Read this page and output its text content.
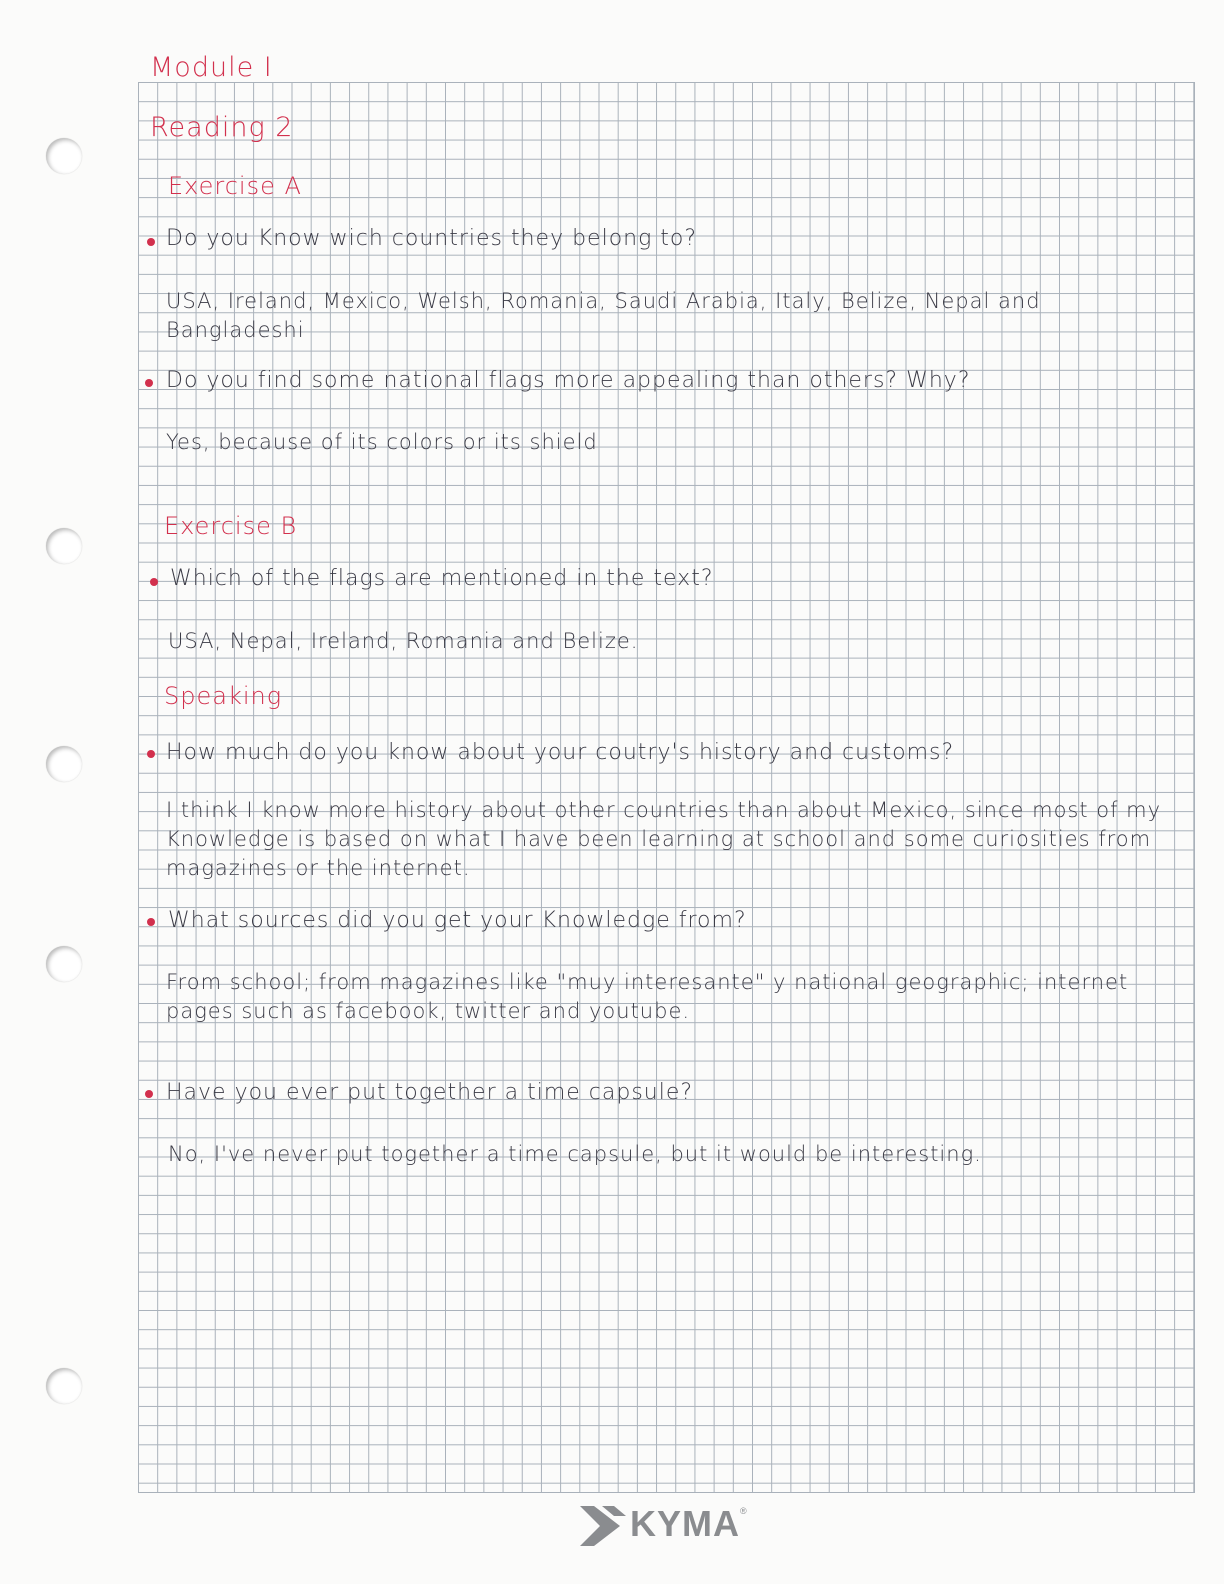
Module I

Reading 2

Exercise A

Do you Know wich countries they belong to?

USA, Ireland, Mexico, Welsh, Romania, Saudi Arabia, Italy, Belize, Nepal and Bangladeshi

Do you find some national flags more appealing than others? Why?

Yes, because of its colors or its shield

Exercise B

Which of the flags are mentioned in the text?

USA, Nepal, Ireland, Romania and Belize.

Speaking

How much do you know about your coutry's history and customs?

I think I know more history about other countries than about Mexico, since most of my Knowledge is based on what I have been learning at school and some curiosities from magazines or the internet.

What sources did you get your Knowledge from?

From school; from magazines like "muy interesante" y national geographic; internet pages such as facebook, twitter and youtube.

Have you ever put together a time capsule?

No, I've never put together a time capsule, but it would be interesting.

KYMA ®
